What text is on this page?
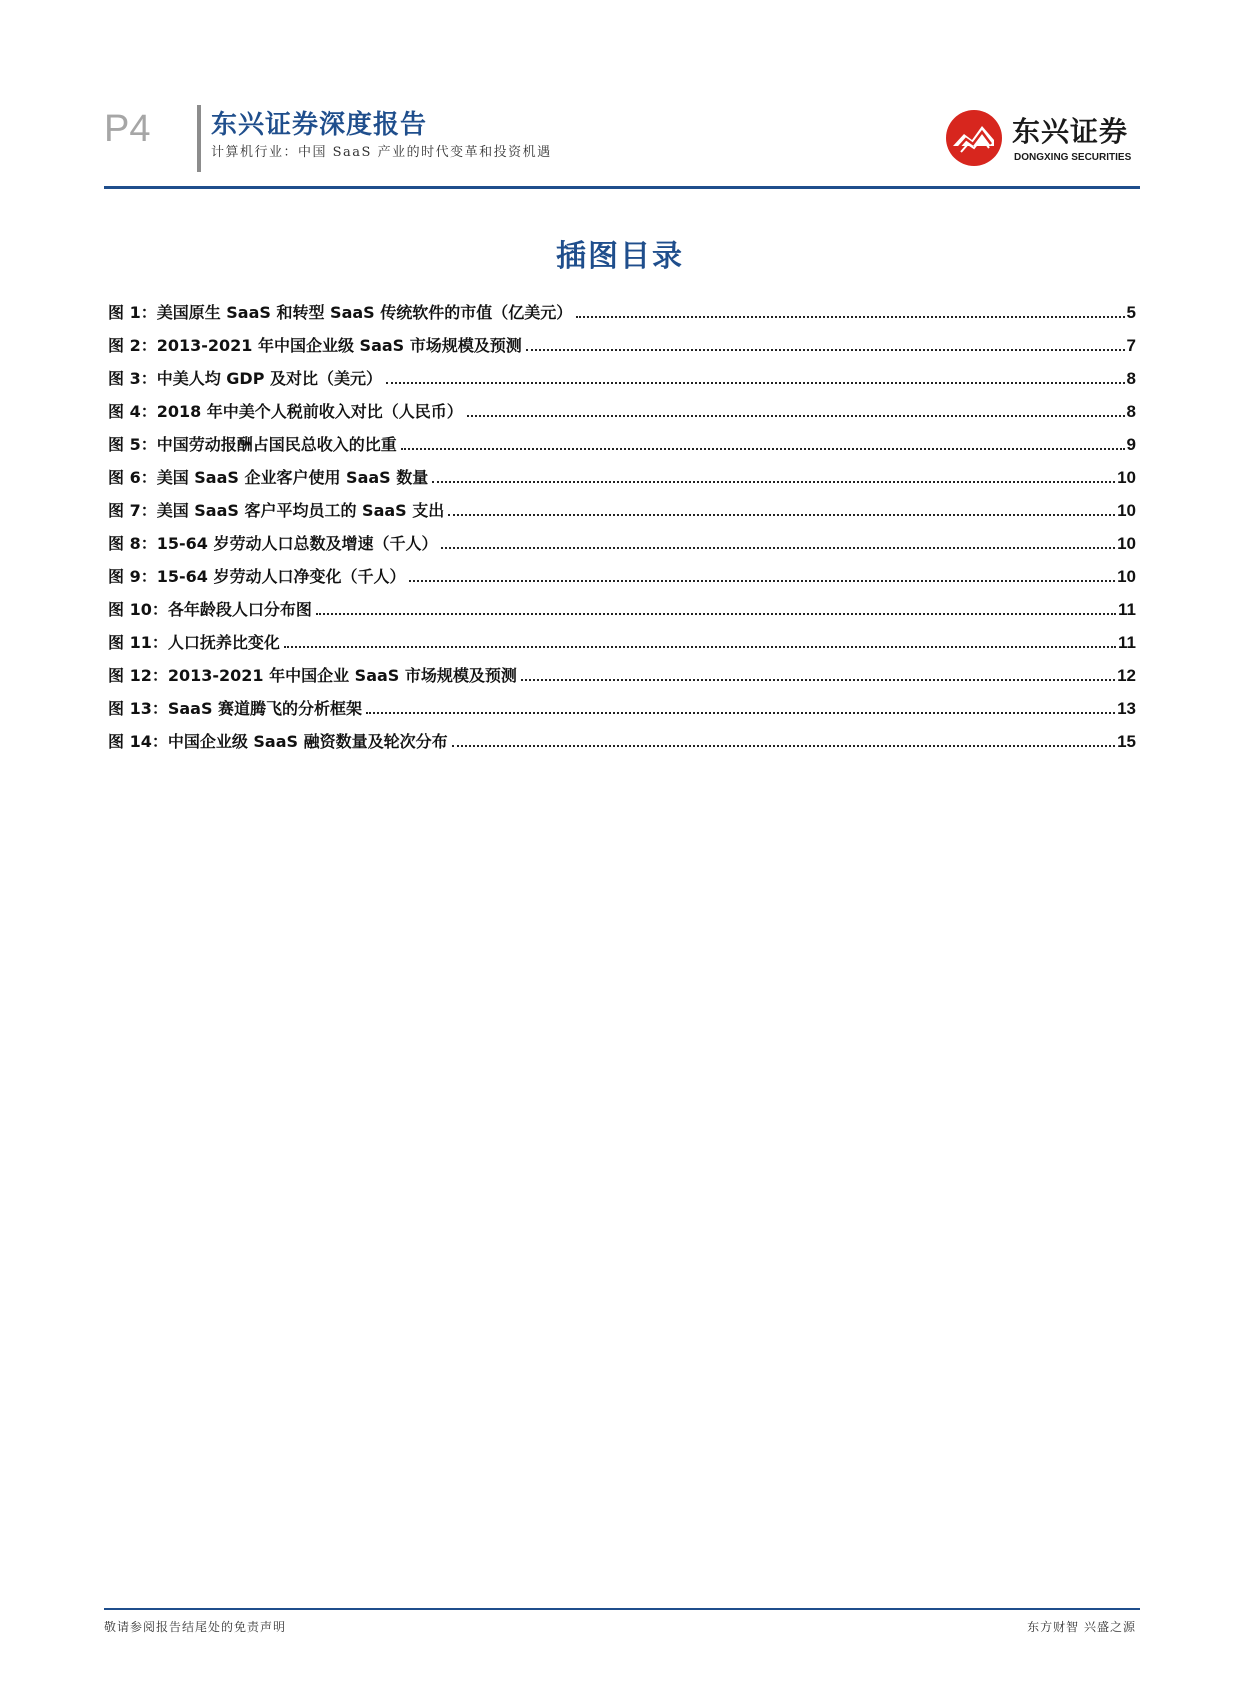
P4 东兴证券深度报告
计算机行业：中国 SaaS 产业的时代变革和投资机遇
东兴证券
DONGXING SECURITIES
插图目录
图 1：美国原生 SaaS 和转型 SaaS 传统软件的市值（亿美元）	5
图 2：2013-2021 年中国企业级 SaaS 市场规模及预测	7
图 3：中美人均 GDP 及对比（美元）	8
图 4：2018 年中美个人税前收入对比（人民币）	8
图 5：中国劳动报酬占国民总收入的比重	9
图 6：美国 SaaS 企业客户使用 SaaS 数量	10
图 7：美国 SaaS 客户平均员工的 SaaS 支出	10
图 8：15-64 岁劳动人口总数及增速（千人）	10
图 9：15-64 岁劳动人口净变化（千人）	10
图 10：各年龄段人口分布图	11
图 11：人口抚养比变化	11
图 12：2013-2021 年中国企业 SaaS 市场规模及预测	12
图 13：SaaS 赛道腾飞的分析框架	13
图 14：中国企业级 SaaS 融资数量及轮次分布	15
敬请参阅报告结尾处的免责声明	东方财智 兴盛之源
